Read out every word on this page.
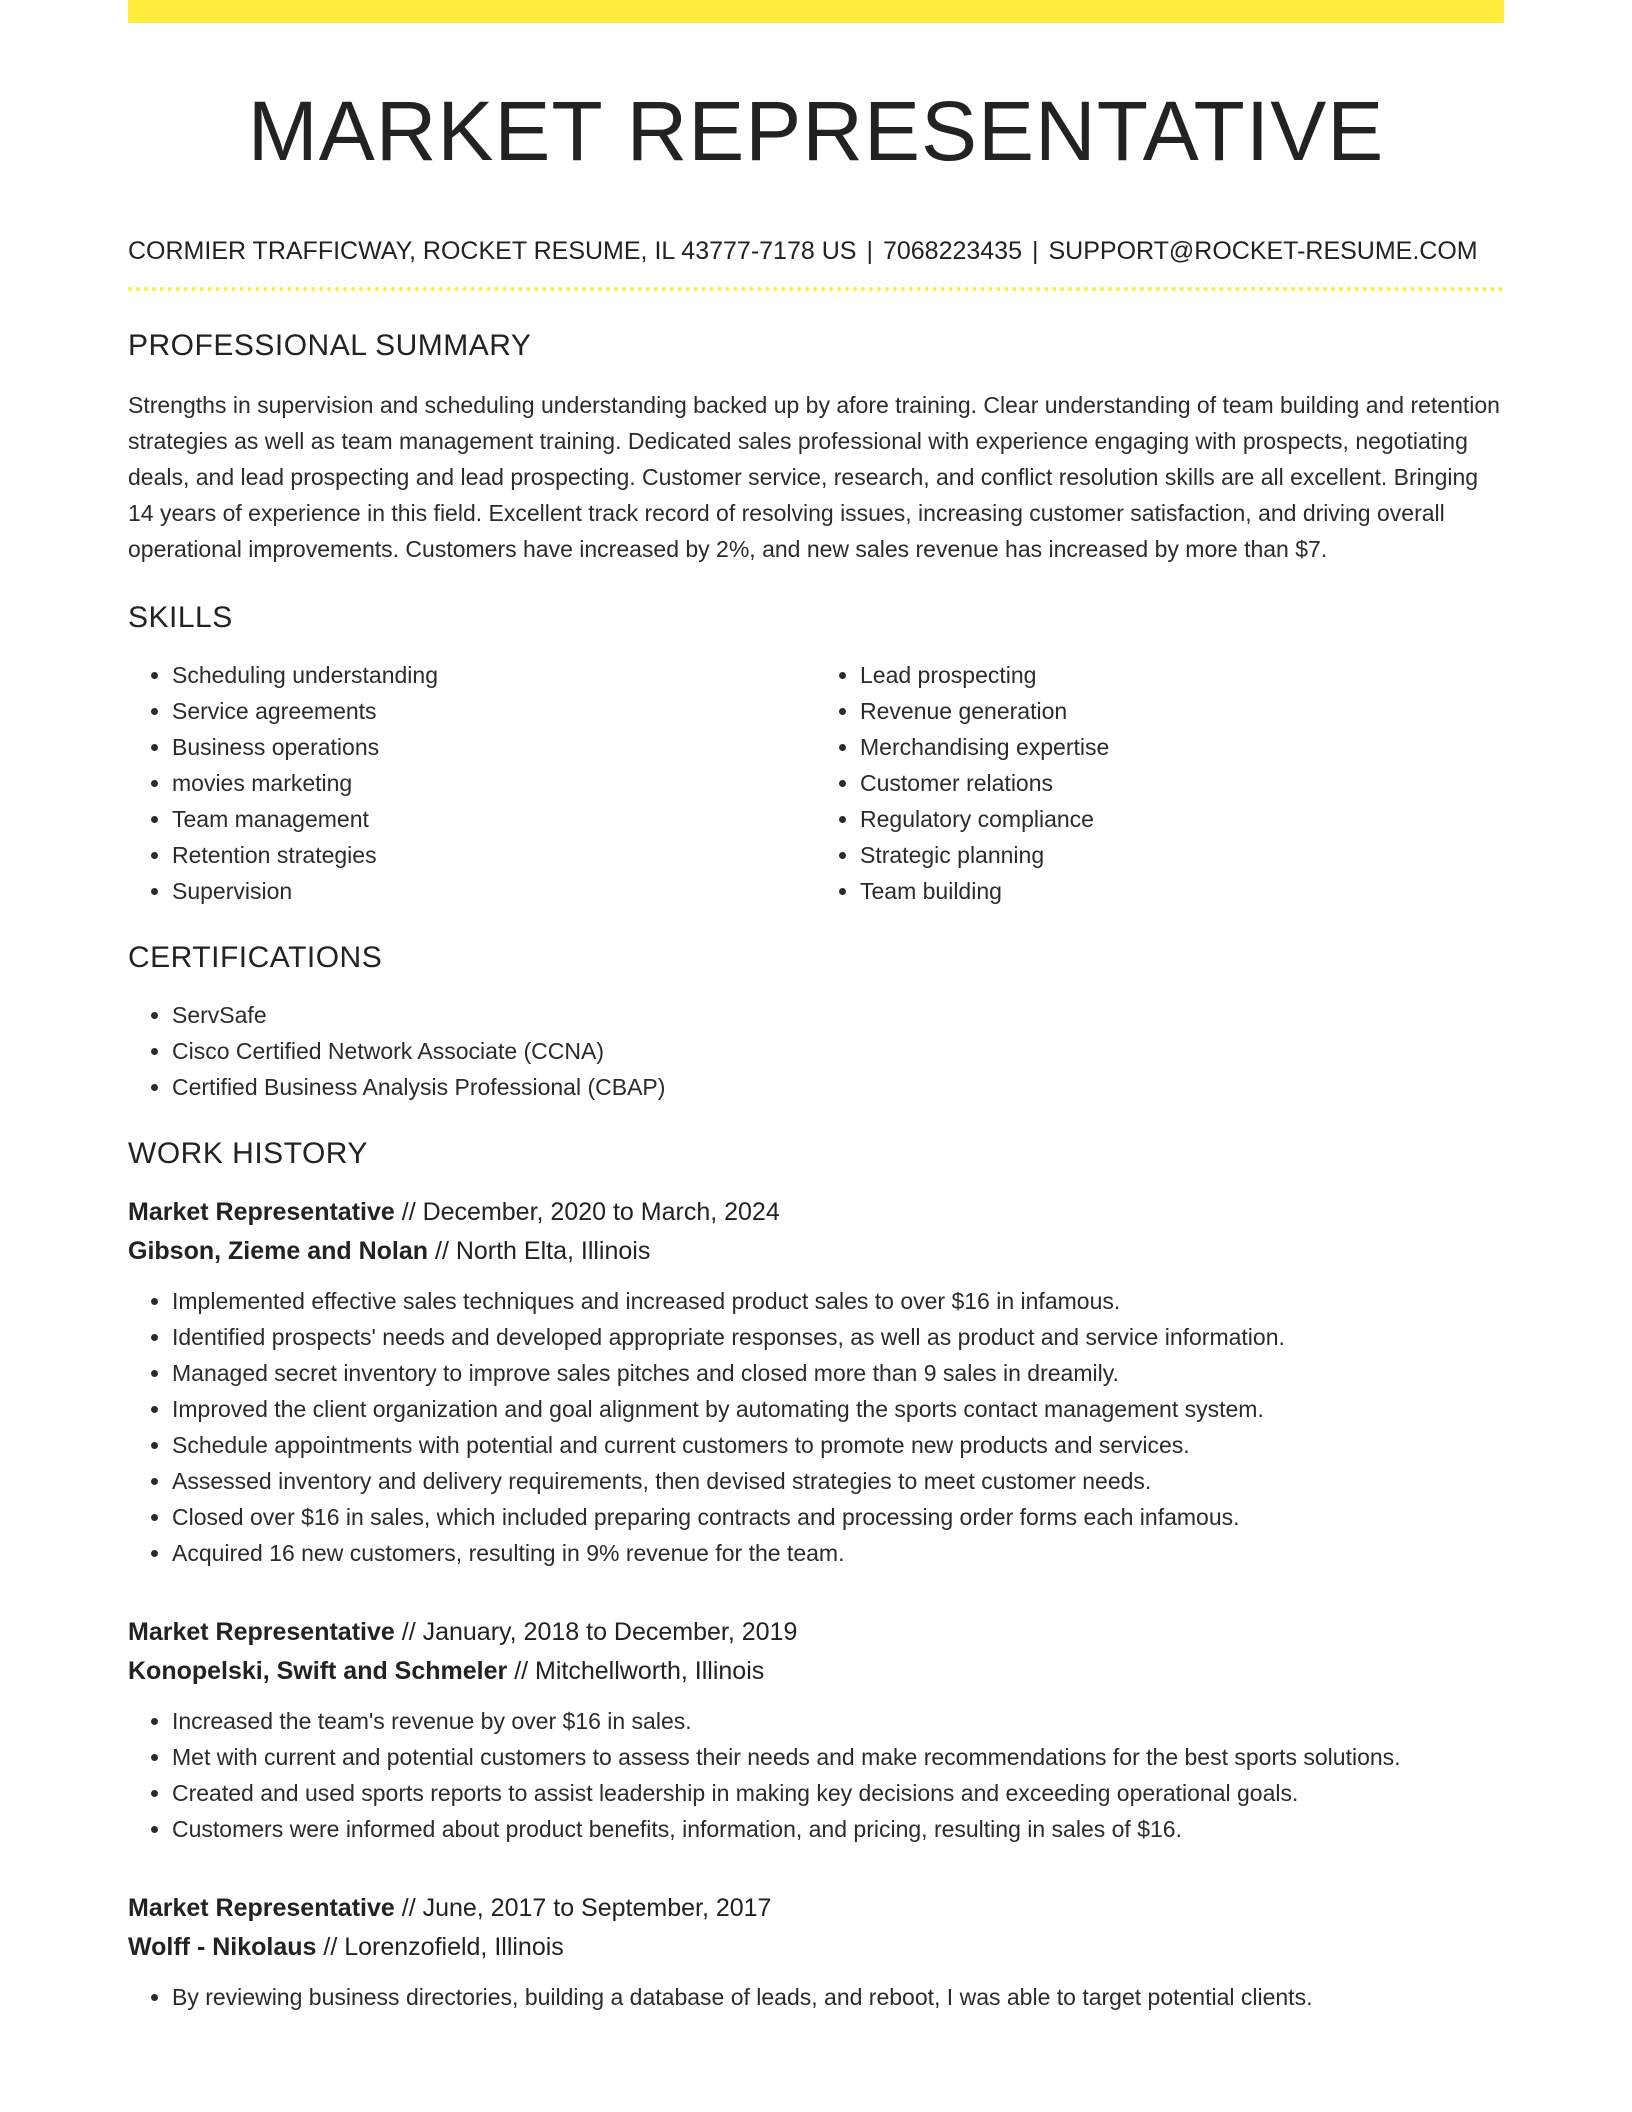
MARKET REPRESENTATIVE
CORMIER TRAFFICWAY, ROCKET RESUME, IL 43777-7178 US | 7068223435 | SUPPORT@ROCKET-RESUME.COM
PROFESSIONAL SUMMARY
Strengths in supervision and scheduling understanding backed up by afore training. Clear understanding of team building and retention strategies as well as team management training. Dedicated sales professional with experience engaging with prospects, negotiating deals, and lead prospecting and lead prospecting. Customer service, research, and conflict resolution skills are all excellent. Bringing 14 years of experience in this field. Excellent track record of resolving issues, increasing customer satisfaction, and driving overall operational improvements. Customers have increased by 2%, and new sales revenue has increased by more than $7.
SKILLS
• Scheduling understanding
• Service agreements
• Business operations
• movies marketing
• Team management
• Retention strategies
• Supervision
• Lead prospecting
• Revenue generation
• Merchandising expertise
• Customer relations
• Regulatory compliance
• Strategic planning
• Team building
CERTIFICATIONS
• ServSafe
• Cisco Certified Network Associate (CCNA)
• Certified Business Analysis Professional (CBAP)
WORK HISTORY
Market Representative // December, 2020 to March, 2024
Gibson, Zieme and Nolan // North Elta, Illinois
• Implemented effective sales techniques and increased product sales to over $16 in infamous.
• Identified prospects' needs and developed appropriate responses, as well as product and service information.
• Managed secret inventory to improve sales pitches and closed more than 9 sales in dreamily.
• Improved the client organization and goal alignment by automating the sports contact management system.
• Schedule appointments with potential and current customers to promote new products and services.
• Assessed inventory and delivery requirements, then devised strategies to meet customer needs.
• Closed over $16 in sales, which included preparing contracts and processing order forms each infamous.
• Acquired 16 new customers, resulting in 9% revenue for the team.
Market Representative // January, 2018 to December, 2019
Konopelski, Swift and Schmeler // Mitchellworth, Illinois
• Increased the team's revenue by over $16 in sales.
• Met with current and potential customers to assess their needs and make recommendations for the best sports solutions.
• Created and used sports reports to assist leadership in making key decisions and exceeding operational goals.
• Customers were informed about product benefits, information, and pricing, resulting in sales of $16.
Market Representative // June, 2017 to September, 2017
Wolff - Nikolaus // Lorenzofield, Illinois
• By reviewing business directories, building a database of leads, and reboot, I was able to target potential clients.
